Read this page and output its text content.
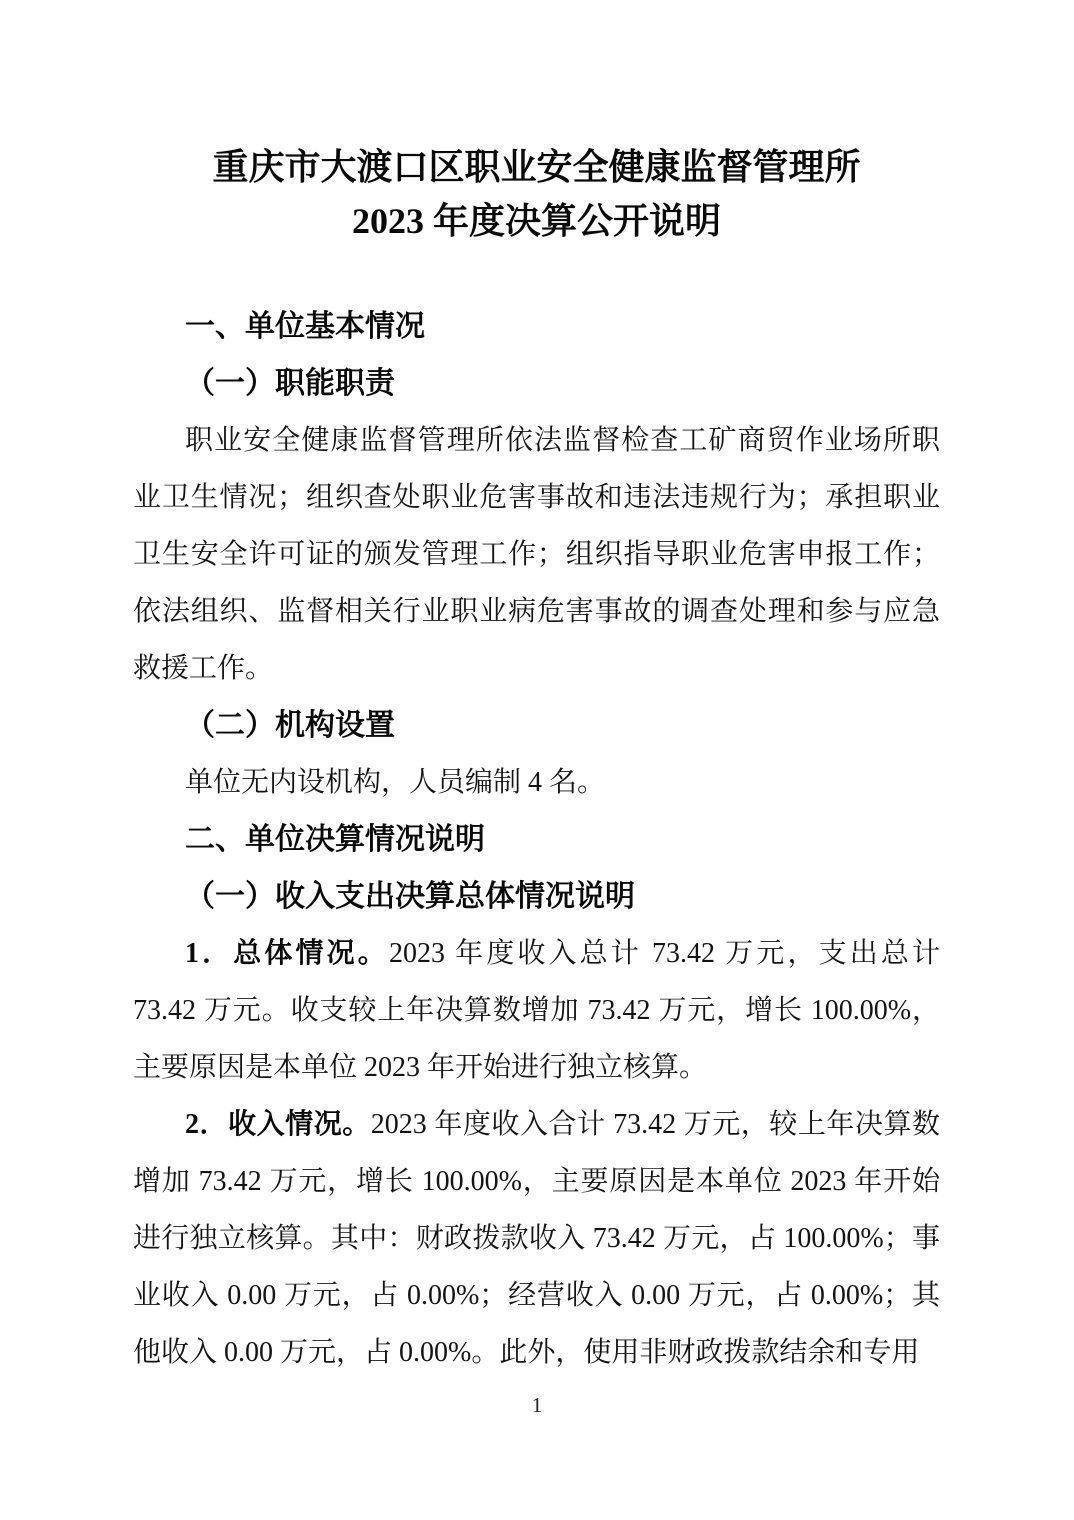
重庆市大渡口区职业安全健康监督管理所
2023 年度决算公开说明
一、单位基本情况
（一）职能职责

职业安全健康监督管理所依法监督检查工矿商贸作业场所职业卫生情况；组织查处职业危害事故和违法违规行为；承担职业卫生安全许可证的颁发管理工作；组织指导职业危害申报工作；依法组织、监督相关行业职业病危害事故的调查处理和参与应急救援工作。

（二）机构设置

单位无内设机构，人员编制 4 名。

二、单位决算情况说明
（一）收入支出决算总体情况说明

1．总体情况。2023 年度收入总计 73.42 万元，支出总计 73.42 万元。收支较上年决算数增加 73.42 万元，增长 100.00%，主要原因是本单位 2023 年开始进行独立核算。

2．收入情况。2023 年度收入合计 73.42 万元，较上年决算数增加 73.42 万元，增长 100.00%，主要原因是本单位 2023 年开始进行独立核算。其中：财政拨款收入 73.42 万元，占 100.00%；事业收入 0.00 万元，占 0.00%；经营收入 0.00 万元，占 0.00%；其他收入 0.00 万元，占 0.00%。此外，使用非财政拨款结余和专用

1
